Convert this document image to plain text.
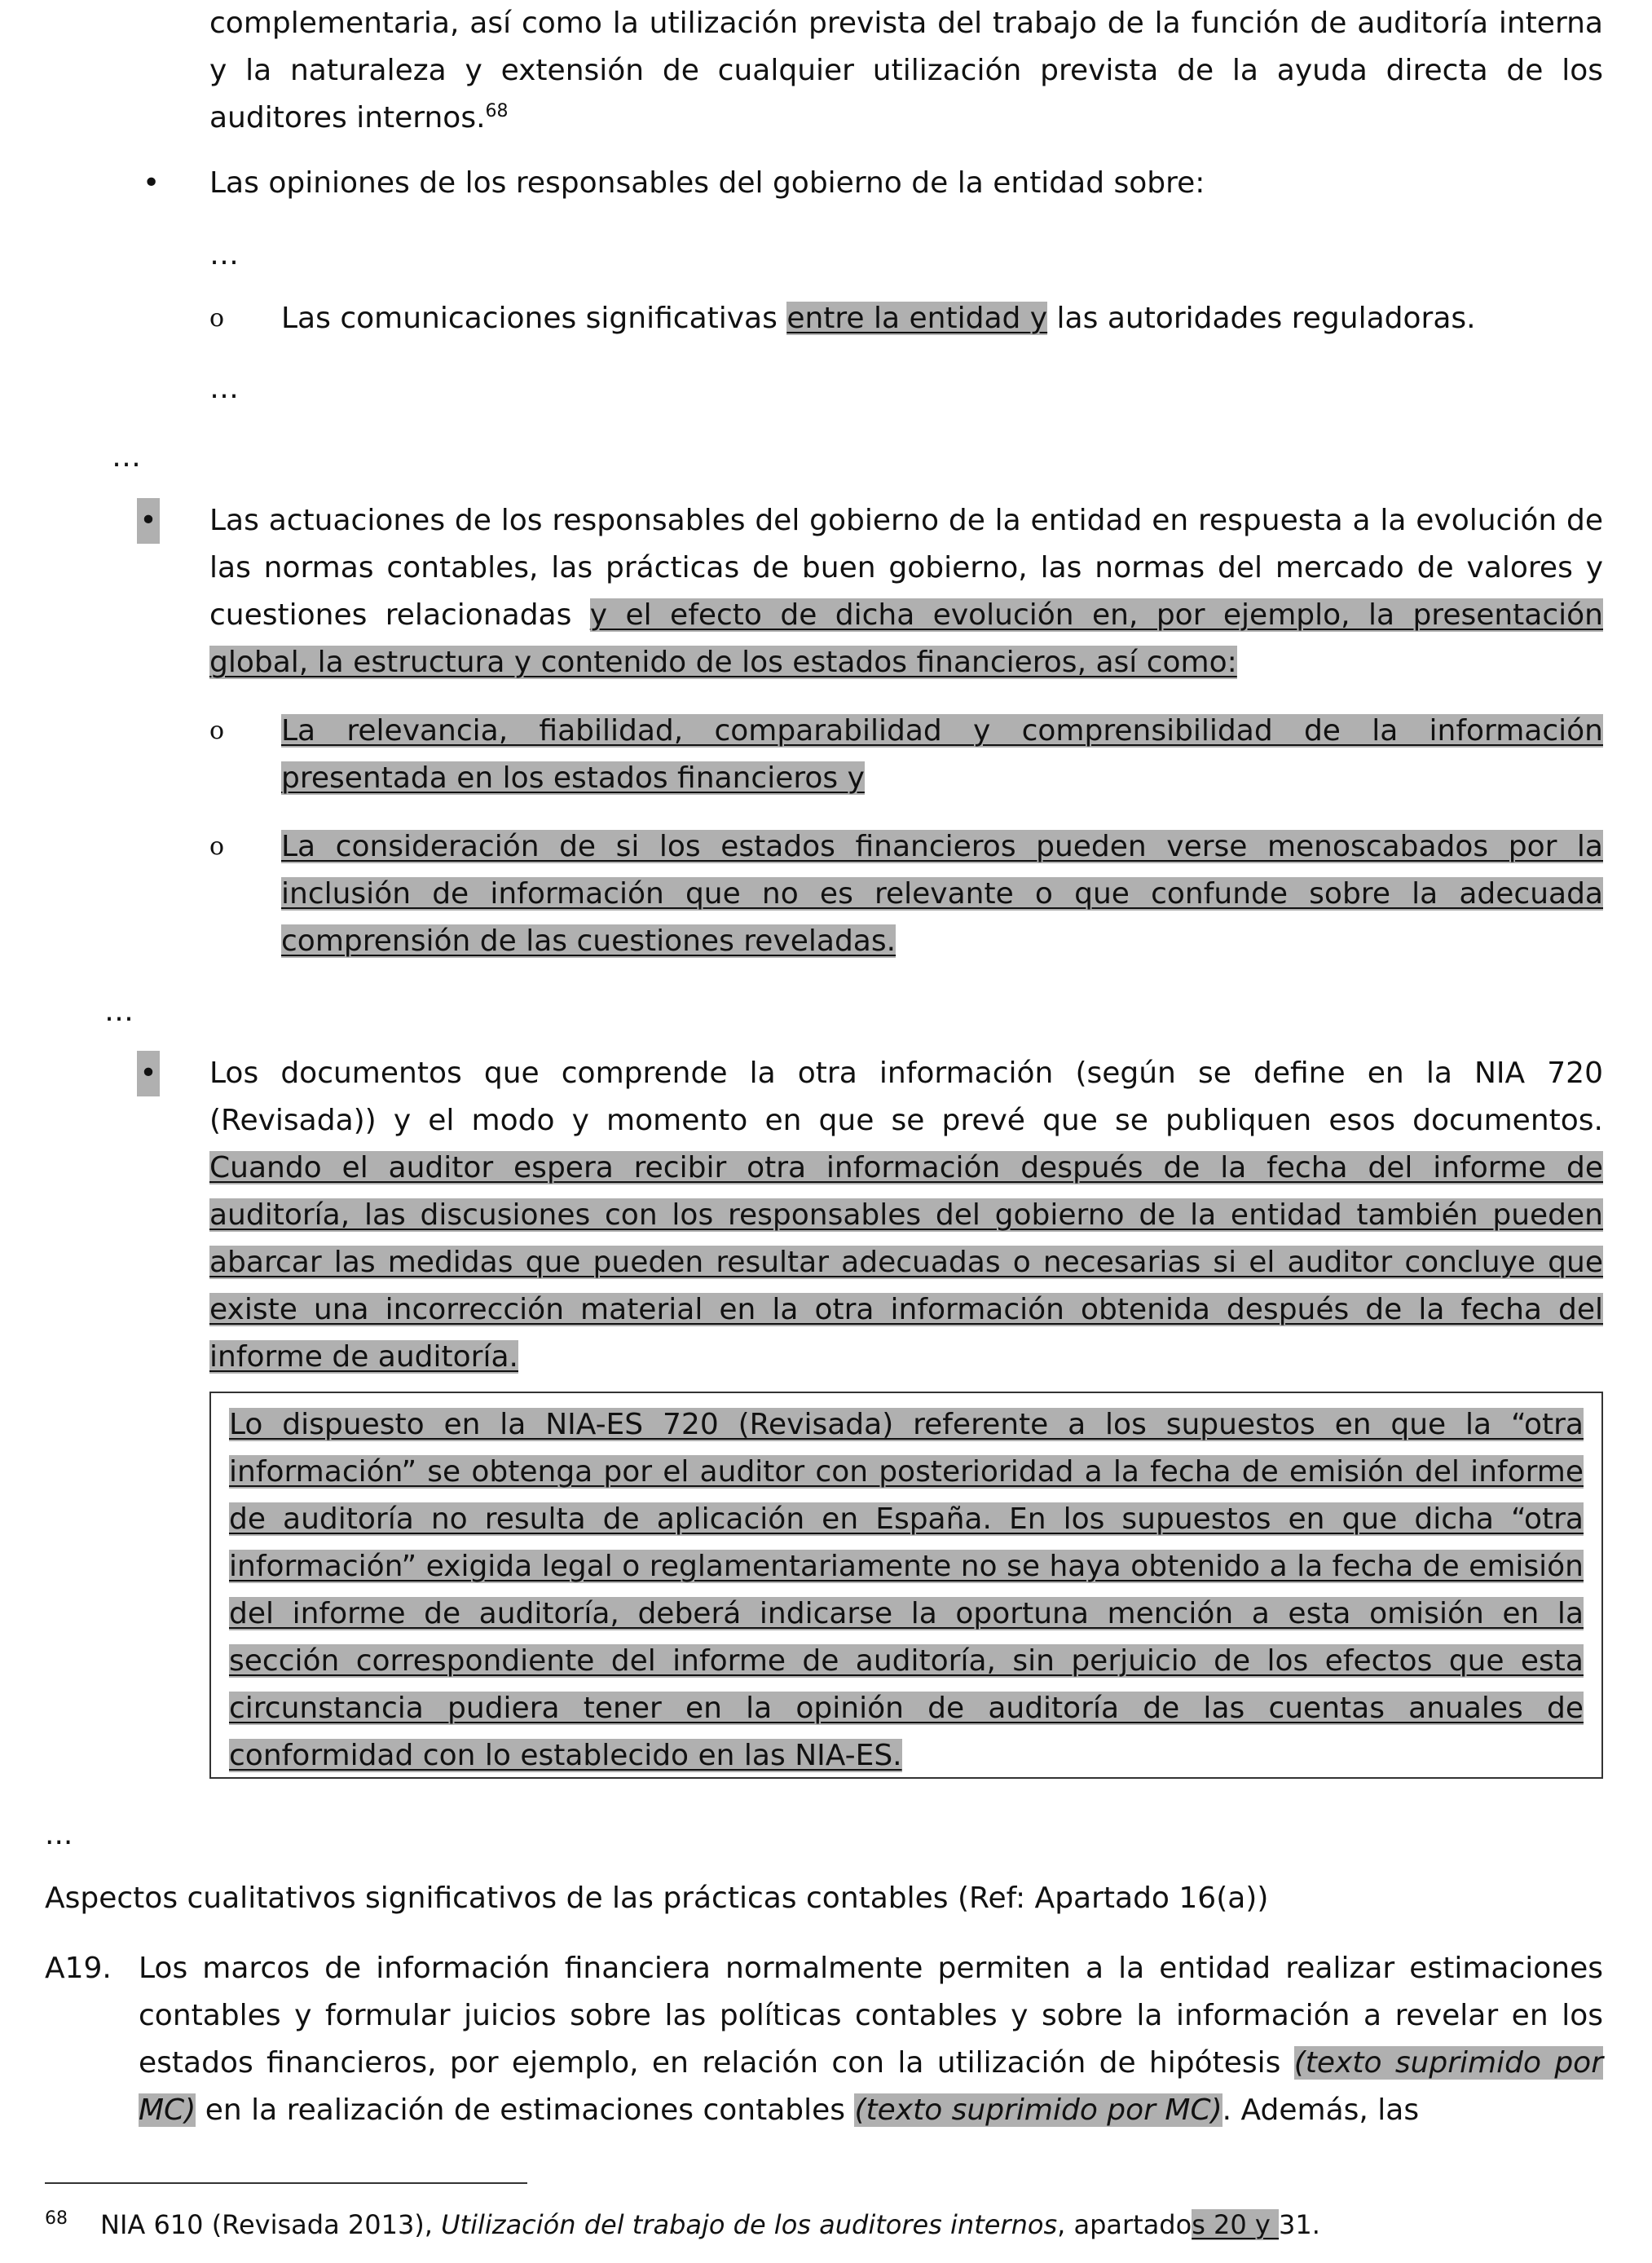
complementaria, así como la utilización prevista del trabajo de la función de auditoría interna y la naturaleza y extensión de cualquier utilización prevista de la ayuda directa de los auditores internos.$^{68}$
• Las opiniones de los responsables del gobierno de la entidad sobre:
…
o Las comunicaciones significativas entre la entidad y las autoridades reguladoras.
…
…
• Las actuaciones de los responsables del gobierno de la entidad en respuesta a la evolución de las normas contables, las prácticas de buen gobierno, las normas del mercado de valores y cuestiones relacionadas y el efecto de dicha evolución en, por ejemplo, la presentación global, la estructura y contenido de los estados financieros, así como:
o La relevancia, fiabilidad, comparabilidad y comprensibilidad de la información presentada en los estados financieros y
o La consideración de si los estados financieros pueden verse menoscabados por la inclusión de información que no es relevante o que confunde sobre la adecuada comprensión de las cuestiones reveladas.
…
• Los documentos que comprende la otra información (según se define en la NIA 720 (Revisada)) y el modo y momento en que se prevé que se publiquen esos documentos. Cuando el auditor espera recibir otra información después de la fecha del informe de auditoría, las discusiones con los responsables del gobierno de la entidad también pueden abarcar las medidas que pueden resultar adecuadas o necesarias si el auditor concluye que existe una incorrección material en la otra información obtenida después de la fecha del informe de auditoría.
Lo dispuesto en la NIA-ES 720 (Revisada) referente a los supuestos en que la “otra información” se obtenga por el auditor con posterioridad a la fecha de emisión del informe de auditoría no resulta de aplicación en España. En los supuestos en que dicha “otra información” exigida legal o reglamentariamente no se haya obtenido a la fecha de emisión del informe de auditoría, deberá indicarse la oportuna mención a esta omisión en la sección correspondiente del informe de auditoría, sin perjuicio de los efectos que esta circunstancia pudiera tener en la opinión de auditoría de las cuentas anuales de conformidad con lo establecido en las NIA-ES.
...
Aspectos cualitativos significativos de las prácticas contables (Ref: Apartado 16(a))
A19. Los marcos de información financiera normalmente permiten a la entidad realizar estimaciones contables y formular juicios sobre las políticas contables y sobre la información a revelar en los estados financieros, por ejemplo, en relación con la utilización de hipótesis (texto suprimido por MC) en la realización de estimaciones contables (texto suprimido por MC). Además, las
$^{68}$ NIA 610 (Revisada 2013), Utilización del trabajo de los auditores internos, apartados 20 y 31.
